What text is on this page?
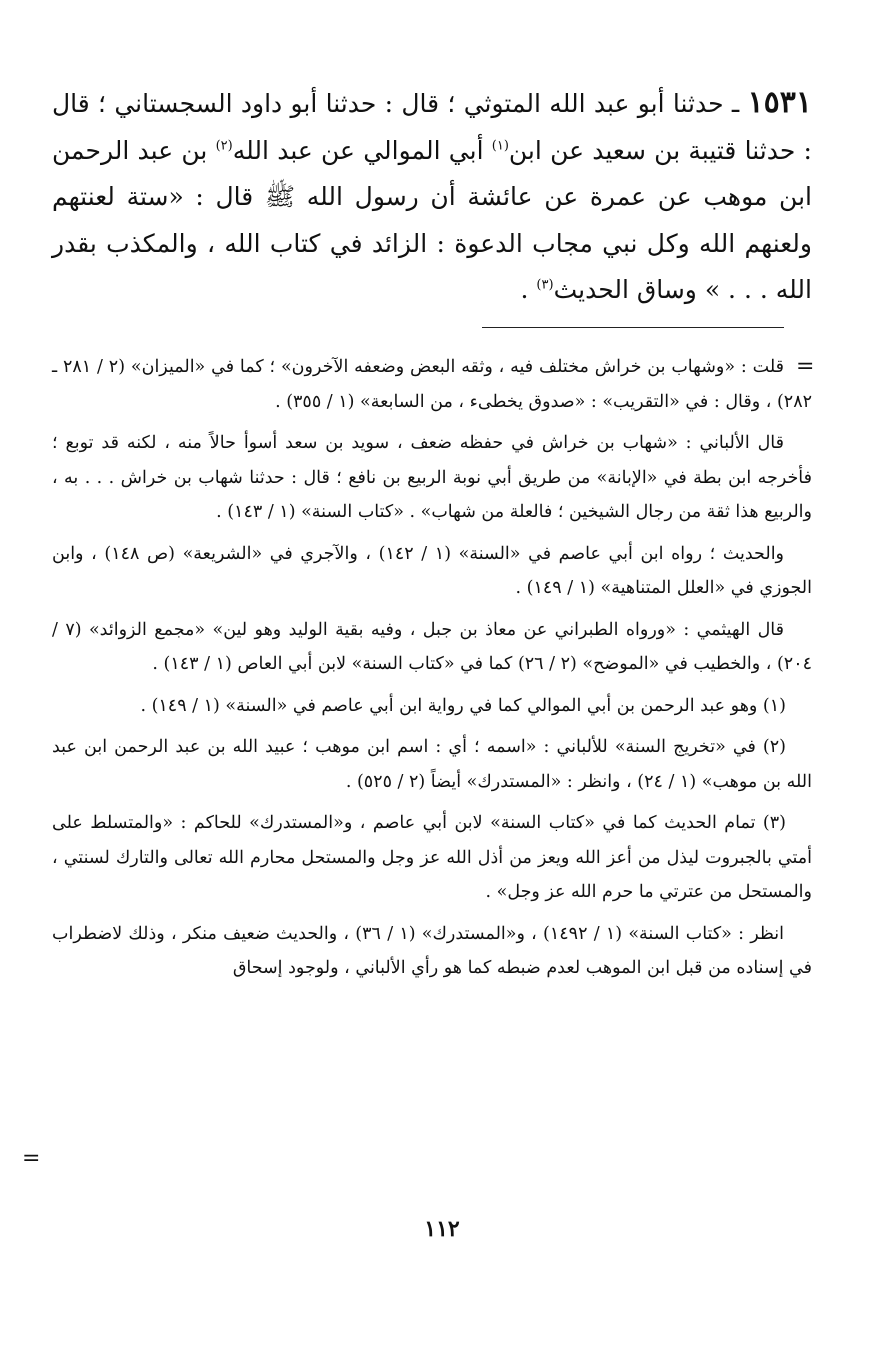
١٥٣١ ـ حدثنا أبو عبد الله المتوثي ؛ قال : حدثنا أبو داود السجستاني ؛ قال : حدثنا قتيبة بن سعيد عن ابن$^{(١)}$ أبي الموالي عن عبد الله$^{(٢)}$ بن عبد الرحمن ابن موهب عن عمرة عن عائشة أن رسول الله ﷺ قال : «ستة لعنتهم ولعنهم الله وكل نبي مجاب الدعوة : الزائد في كتاب الله ، والمكذب بقدر الله . . . » وساق الحديث$^{(٣)}$ .
=

قلت : «وشهاب بن خراش مختلف فيه ، وثقه البعض وضعفه الآخرون» ؛ كما في «الميزان» (٢ / ٢٨١ ـ ٢٨٢) ، وقال : في «التقريب» : «صدوق يخطىء ، من السابعة» (١ / ٣٥٥) .

قال الألباني : «شهاب بن خراش في حفظه ضعف ، سويد بن سعد أسوأ حالاً منه ، لكنه قد توبع ؛ فأخرجه ابن بطة في «الإبانة» من طريق أبي نوبة الربيع بن نافع ؛ قال : حدثنا شهاب بن خراش . . . به ، والربيع هذا ثقة من رجال الشيخين ؛ فالعلة من شهاب» . «كتاب السنة» (١ / ١٤٣) .

والحديث ؛ رواه ابن أبي عاصم في «السنة» (١ / ١٤٢) ، والآجري في «الشريعة» (ص ١٤٨) ، وابن الجوزي في «العلل المتناهية» (١ / ١٤٩) .

قال الهيثمي : «ورواه الطبراني عن معاذ بن جبل ، وفيه بقية الوليد وهو لين» «مجمع الزوائد» (٧ / ٢٠٤) ، والخطيب في «الموضح» (٢ / ٢٦) كما في «كتاب السنة» لابن أبي العاص (١ / ١٤٣) .

(١) وهو عبد الرحمن بن أبي الموالي كما في رواية ابن أبي عاصم في «السنة» (١ / ١٤٩) .

(٢) في «تخريج السنة» للألباني : «اسمه ؛ أي : اسم ابن موهب ؛ عبيد الله بن عبد الرحمن ابن عبد الله بن موهب» (١ / ٢٤) ، وانظر : «المستدرك» أيضاً (٢ / ٥٢٥) .

(٣) تمام الحديث كما في «كتاب السنة» لابن أبي عاصم ، و«المستدرك» للحاكم : «والمتسلط على أمتي بالجبروت ليذل من أعز الله ويعز من أذل الله عز وجل والمستحل محارم الله تعالى والتارك لسنتي ، والمستحل من عترتي ما حرم الله عز وجل» .

انظر : «كتاب السنة» (١ / ١٤٩٢) ، و«المستدرك» (١ / ٣٦) ، والحديث ضعيف منكر ، وذلك لاضطراب في إسناده من قبل ابن الموهب لعدم ضبطه كما هو رأي الألباني ، ولوجود إسحاق

=
١١٢
